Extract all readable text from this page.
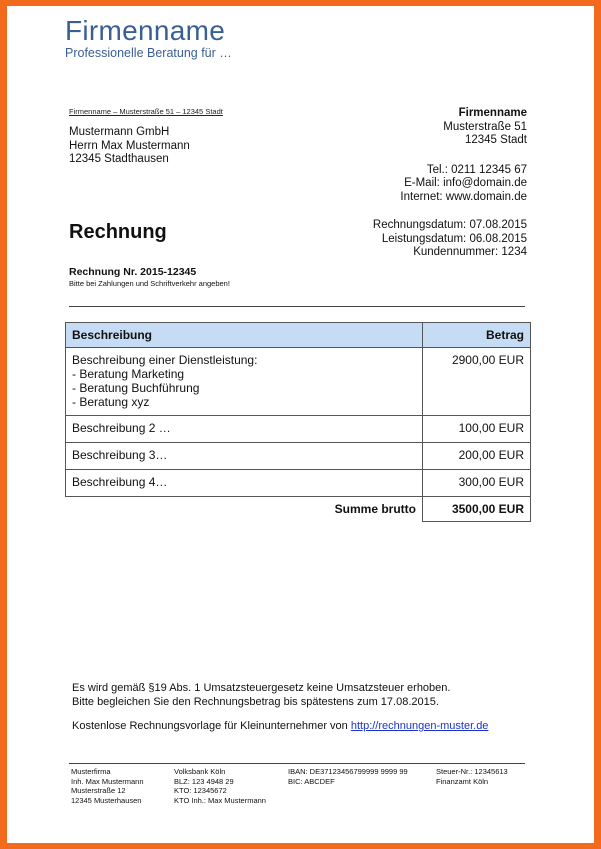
Firmenname
Professionelle Beratung für …
Firmenname – Musterstraße 51 – 12345 Stadt
Mustermann GmbH
Herrn Max Mustermann
12345 Stadthausen
Firmenname
Musterstraße 51
12345 Stadt
Tel.: 0211 12345 67
E-Mail: info@domain.de
Internet: www.domain.de
Rechnung	Rechnungsdatum: 07.08.2015
Leistungsdatum: 06.08.2015
Kundennummer: 1234
Rechnung Nr. 2015-12345
Bitte bei Zahlungen und Schriftverkehr angeben!
Beschreibung	Betrag

Beschreibung einer Dienstleistung:
- Beratung Marketing
- Beratung Buchführung
- Beratung xyz	2900,00 EUR
Beschreibung 2 …	100,00 EUR
Beschreibung 3…	200,00 EUR
Beschreibung 4…	300,00 EUR
Summe brutto	3500,00 EUR
Es wird gemäß §19 Abs. 1 Umsatzsteuergesetz keine Umsatzsteuer erhoben.
Bitte begleichen Sie den Rechnungsbetrag bis spätestens zum 17.08.2015.
Kostenlose Rechnungsvorlage für Kleinunternehmer von http://rechnungen-muster.de
Musterfirma
Inh. Max Mustermann
Musterstraße 12
12345 Musterhausen
Volksbank Köln
BLZ: 123 4948 29
KTO: 12345672
KTO Inh.: Max Mustermann
IBAN: DE37123456799999 9999 99
BIC: ABCDEF
Steuer-Nr.: 12345613
Finanzamt Köln
